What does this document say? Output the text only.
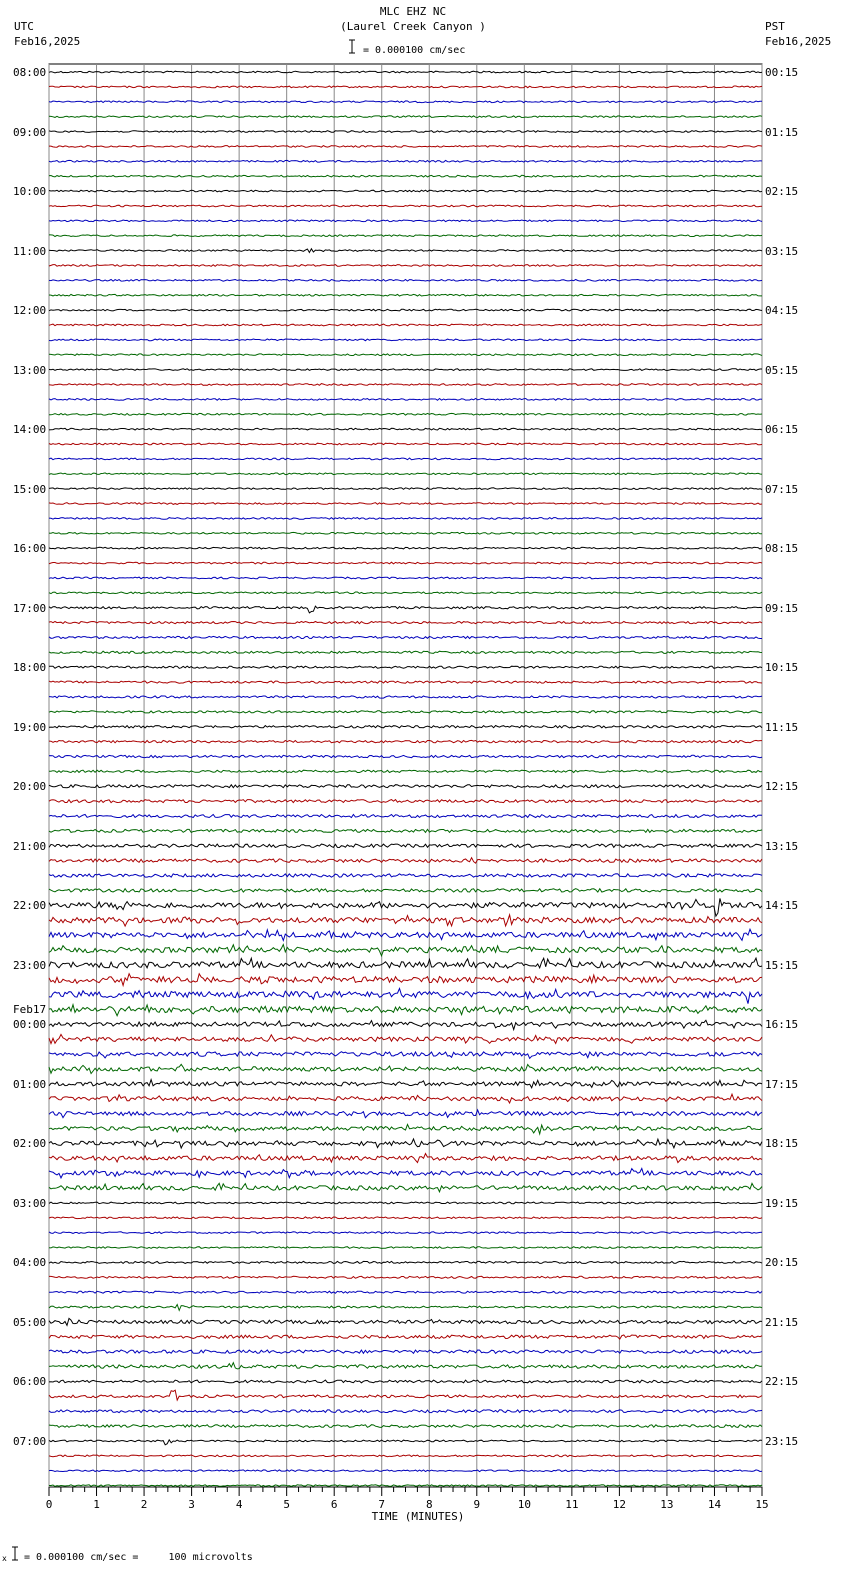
0	1	2	3	4	5	6	7	8	9	10	11	12	13	14	15
MLC EHZ NC
(Laurel Creek Canyon )
= 0.000100 cm/sec
UTC
Feb16,2025
PST
Feb16,2025
08:00
09:00
10:00
11:00
12:00
13:00
14:00
15:00
16:00
17:00
18:00
19:00
20:00
21:00
22:00
23:00
00:00
Feb17
01:00
02:00
03:00
04:00
05:00
06:00
07:00
00:15
01:15
02:15
03:15
04:15
05:15
06:15
07:15
08:15
09:15
10:15
11:15
12:15
13:15
14:15
15:15
16:15
17:15
18:15
19:15
20:15
21:15
22:15
23:15
TIME (MINUTES)
x = 0.000100 cm/sec =     100 microvolts
